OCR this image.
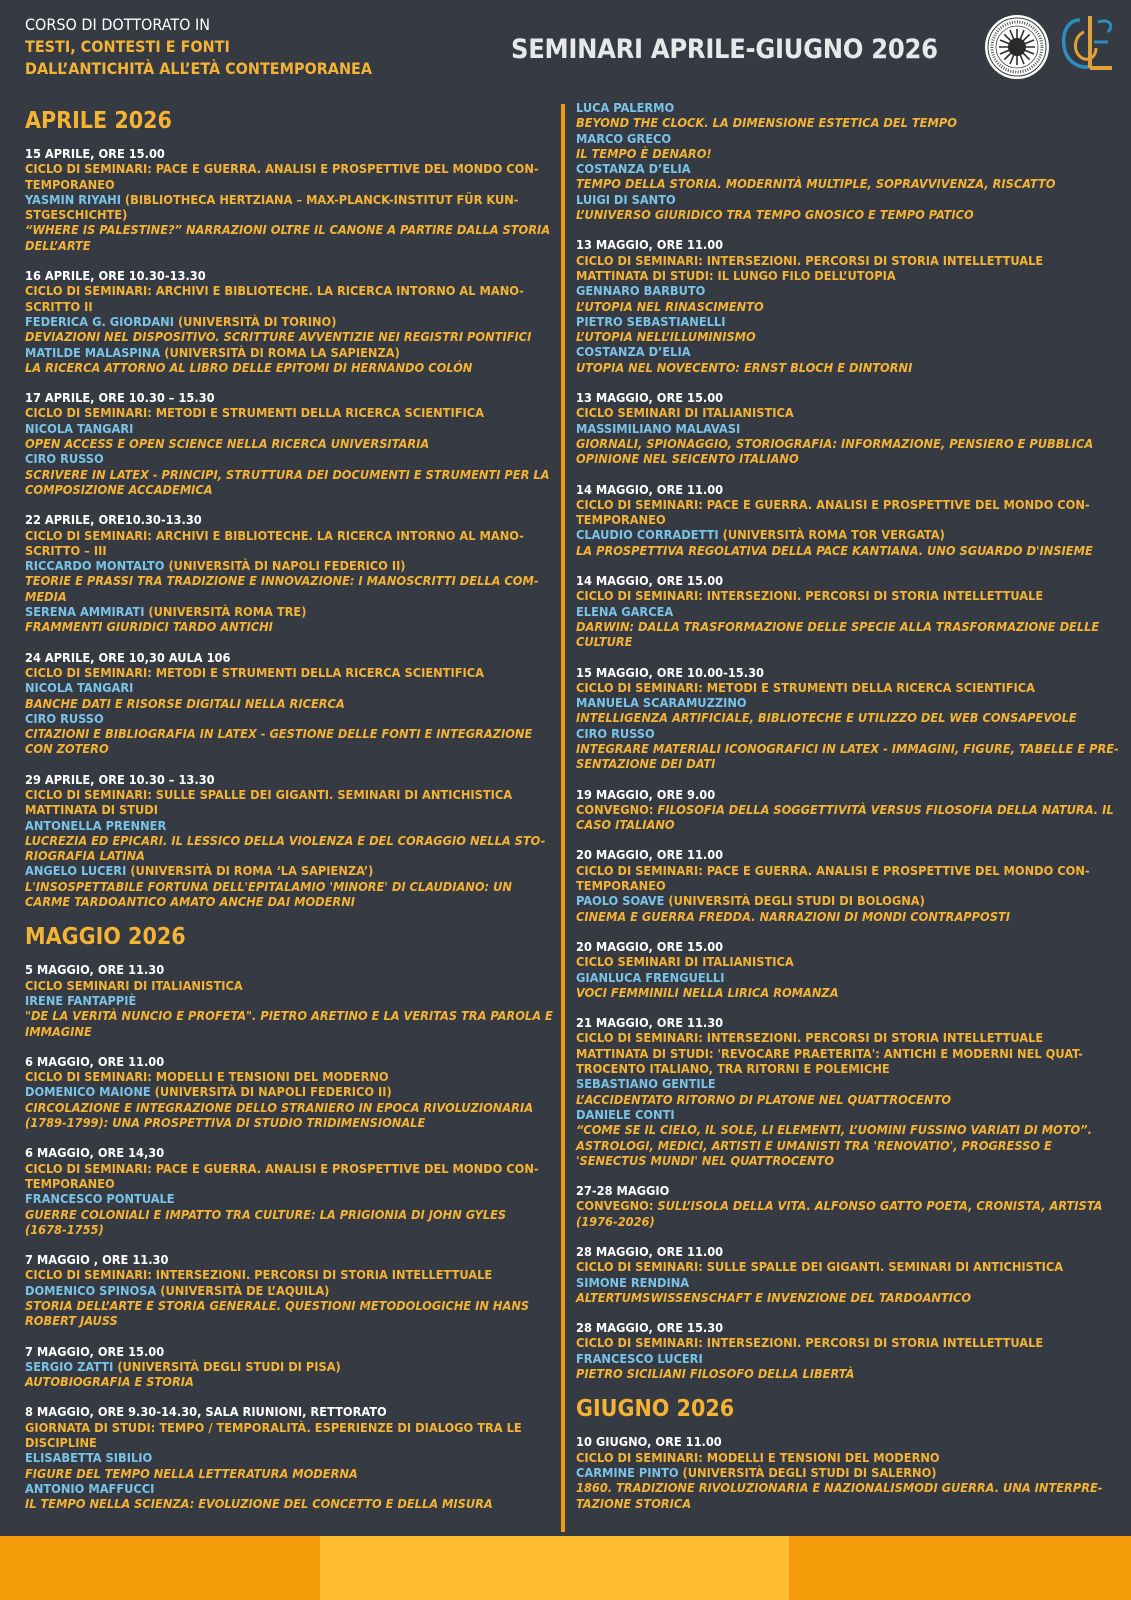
CORSO DI DOTTORATO IN
TESTI, CONTESTI E FONTI
DALL’ANTICHITÀ ALL’ETÀ CONTEMPORANEA
SEMINARI APRILE-GIUGNO 2026
APRILE 2026
15 APRILE, ORE 15.00
CICLO DI SEMINARI: PACE E GUERRA. ANALISI E PROSPETTIVE DEL MONDO CON-
TEMPORANEO
YASMIN RIYAHI (BIBLIOTHECA HERTZIANA – MAX-PLANCK-INSTITUT FÜR KUN-
STGESCHICHTE)
“WHERE IS PALESTINE?” NARRAZIONI OLTRE IL CANONE A PARTIRE DALLA STORIA
DELL’ARTE
16 APRILE, ORE 10.30-13.30
CICLO DI SEMINARI: ARCHIVI E BIBLIOTECHE. LA RICERCA INTORNO AL MANO-
SCRITTO II
FEDERICA G. GIORDANI (UNIVERSITÀ DI TORINO)
DEVIAZIONI NEL DISPOSITIVO. SCRITTURE AVVENTIZIE NEI REGISTRI PONTIFICI
MATILDE MALASPINA (UNIVERSITÀ DI ROMA LA SAPIENZA)
LA RICERCA ATTORNO AL LIBRO DELLE EPITOMI DI HERNANDO COLÓN
17 APRILE, ORE 10.30 – 15.30
CICLO DI SEMINARI: METODI E STRUMENTI DELLA RICERCA SCIENTIFICA
NICOLA TANGARI
OPEN ACCESS E OPEN SCIENCE NELLA RICERCA UNIVERSITARIA
CIRO RUSSO
SCRIVERE IN LATEX - PRINCIPI, STRUTTURA DEI DOCUMENTI E STRUMENTI PER LA
COMPOSIZIONE ACCADEMICA
22 APRILE, ORE10.30-13.30
CICLO DI SEMINARI: ARCHIVI E BIBLIOTECHE. LA RICERCA INTORNO AL MANO-
SCRITTO – III
RICCARDO MONTALTO (UNIVERSITÀ DI NAPOLI FEDERICO II)
TEORIE E PRASSI TRA TRADIZIONE E INNOVAZIONE: I MANOSCRITTI DELLA COM-
MEDIA
SERENA AMMIRATI (UNIVERSITÀ ROMA TRE)
FRAMMENTI GIURIDICI TARDO ANTICHI
24 APRILE, ORE 10,30 AULA 106
CICLO DI SEMINARI: METODI E STRUMENTI DELLA RICERCA SCIENTIFICA
NICOLA TANGARI
BANCHE DATI E RISORSE DIGITALI NELLA RICERCA
CIRO RUSSO
CITAZIONI E BIBLIOGRAFIA IN LATEX - GESTIONE DELLE FONTI E INTEGRAZIONE
CON ZOTERO
29 APRILE, ORE 10.30 – 13.30
CICLO DI SEMINARI: SULLE SPALLE DEI GIGANTI. SEMINARI DI ANTICHISTICA
MATTINATA DI STUDI
ANTONELLA PRENNER
LUCREZIA ED EPICARI. IL LESSICO DELLA VIOLENZA E DEL CORAGGIO NELLA STO-
RIOGRAFIA LATINA
ANGELO LUCERI (UNIVERSITÀ DI ROMA ‘LA SAPIENZA’)
L'INSOSPETTABILE FORTUNA DELL'EPITALAMIO 'MINORE' DI CLAUDIANO: UN
CARME TARDOANTICO AMATO ANCHE DAI MODERNI
MAGGIO 2026
5 MAGGIO, ORE 11.30
CICLO SEMINARI DI ITALIANISTICA
IRENE FANTAPPIÈ
"DE LA VERITÀ NUNCIO E PROFETA". PIETRO ARETINO E LA VERITAS TRA PAROLA E
IMMAGINE
6 MAGGIO, ORE 11.00
CICLO DI SEMINARI: MODELLI E TENSIONI DEL MODERNO
DOMENICO MAIONE (UNIVERSITÀ DI NAPOLI FEDERICO II)
CIRCOLAZIONE E INTEGRAZIONE DELLO STRANIERO IN EPOCA RIVOLUZIONARIA
(1789-1799): UNA PROSPETTIVA DI STUDIO TRIDIMENSIONALE
6 MAGGIO, ORE 14,30
CICLO DI SEMINARI: PACE E GUERRA. ANALISI E PROSPETTIVE DEL MONDO CON-
TEMPORANEO
FRANCESCO PONTUALE
GUERRE COLONIALI E IMPATTO TRA CULTURE: LA PRIGIONIA DI JOHN GYLES
(1678-1755)
7 MAGGIO , ORE 11.30
CICLO DI SEMINARI: INTERSEZIONI. PERCORSI DI STORIA INTELLETTUALE
DOMENICO SPINOSA (UNIVERSITÀ DE L’AQUILA)
STORIA DELL’ARTE E STORIA GENERALE. QUESTIONI METODOLOGICHE IN HANS
ROBERT JAUSS
7 MAGGIO, ORE 15.00
SERGIO ZATTI (UNIVERSITÀ DEGLI STUDI DI PISA)
AUTOBIOGRAFIA E STORIA
8 MAGGIO, ORE 9.30-14.30, SALA RIUNIONI, RETTORATO
GIORNATA DI STUDI: TEMPO / TEMPORALITÀ. ESPERIENZE DI DIALOGO TRA LE
DISCIPLINE
ELISABETTA SIBILIO
FIGURE DEL TEMPO NELLA LETTERATURA MODERNA
ANTONIO MAFFUCCI
IL TEMPO NELLA SCIENZA: EVOLUZIONE DEL CONCETTO E DELLA MISURA
LUCA PALERMO
BEYOND THE CLOCK. LA DIMENSIONE ESTETICA DEL TEMPO
MARCO GRECO
IL TEMPO È DENARO!
COSTANZA D’ELIA
TEMPO DELLA STORIA. MODERNITÀ MULTIPLE, SOPRAVVIVENZA, RISCATTO
LUIGI DI SANTO
L’UNIVERSO GIURIDICO TRA TEMPO GNOSICO E TEMPO PATICO
13 MAGGIO, ORE 11.00
CICLO DI SEMINARI: INTERSEZIONI. PERCORSI DI STORIA INTELLETTUALE
MATTINATA DI STUDI: IL LUNGO FILO DELL’UTOPIA
GENNARO BARBUTO
L’UTOPIA NEL RINASCIMENTO
PIETRO SEBASTIANELLI
L’UTOPIA NELL’ILLUMINISMO
COSTANZA D’ELIA
UTOPIA NEL NOVECENTO: ERNST BLOCH E DINTORNI
13 MAGGIO, ORE 15.00
CICLO SEMINARI DI ITALIANISTICA
MASSIMILIANO MALAVASI
GIORNALI, SPIONAGGIO, STORIOGRAFIA: INFORMAZIONE, PENSIERO E PUBBLICA
OPINIONE NEL SEICENTO ITALIANO
14 MAGGIO, ORE 11.00
CICLO DI SEMINARI: PACE E GUERRA. ANALISI E PROSPETTIVE DEL MONDO CON-
TEMPORANEO
CLAUDIO CORRADETTI (UNIVERSITÀ ROMA TOR VERGATA)
LA PROSPETTIVA REGOLATIVA DELLA PACE KANTIANA. UNO SGUARDO D'INSIEME
14 MAGGIO, ORE 15.00
CICLO DI SEMINARI: INTERSEZIONI. PERCORSI DI STORIA INTELLETTUALE
ELENA GARCEA
DARWIN: DALLA TRASFORMAZIONE DELLE SPECIE ALLA TRASFORMAZIONE DELLE
CULTURE
15 MAGGIO, ORE 10.00-15.30
CICLO DI SEMINARI: METODI E STRUMENTI DELLA RICERCA SCIENTIFICA
MANUELA SCARAMUZZINO
INTELLIGENZA ARTIFICIALE, BIBLIOTECHE E UTILIZZO DEL WEB CONSAPEVOLE
CIRO RUSSO
INTEGRARE MATERIALI ICONOGRAFICI IN LATEX - IMMAGINI, FIGURE, TABELLE E PRE-
SENTAZIONE DEI DATI
19 MAGGIO, ORE 9.00
CONVEGNO: FILOSOFIA DELLA SOGGETTIVITÀ VERSUS FILOSOFIA DELLA NATURA. IL
CASO ITALIANO
20 MAGGIO, ORE 11.00
CICLO DI SEMINARI: PACE E GUERRA. ANALISI E PROSPETTIVE DEL MONDO CON-
TEMPORANEO
PAOLO SOAVE (UNIVERSITÀ DEGLI STUDI DI BOLOGNA)
CINEMA E GUERRA FREDDA. NARRAZIONI DI MONDI CONTRAPPOSTI
20 MAGGIO, ORE 15.00
CICLO SEMINARI DI ITALIANISTICA
GIANLUCA FRENGUELLI
VOCI FEMMINILI NELLA LIRICA ROMANZA
21 MAGGIO, ORE 11.30
CICLO DI SEMINARI: INTERSEZIONI. PERCORSI DI STORIA INTELLETTUALE
MATTINATA DI STUDI: 'REVOCARE PRAETERITA': ANTICHI E MODERNI NEL QUAT-
TROCENTO ITALIANO, TRA RITORNI E POLEMICHE
SEBASTIANO GENTILE
L’ACCIDENTATO RITORNO DI PLATONE NEL QUATTROCENTO
DANIELE CONTI
“COME SE IL CIELO, IL SOLE, LI ELEMENTI, L’UOMINI FUSSINO VARIATI DI MOTO”.
ASTROLOGI, MEDICI, ARTISTI E UMANISTI TRA 'RENOVATIO', PROGRESSO E
'SENECTUS MUNDI' NEL QUATTROCENTO
27-28 MAGGIO
CONVEGNO: SULL’ISOLA DELLA VITA. ALFONSO GATTO POETA, CRONISTA, ARTISTA
(1976-2026)
28 MAGGIO, ORE 11.00
CICLO DI SEMINARI: SULLE SPALLE DEI GIGANTI. SEMINARI DI ANTICHISTICA
SIMONE RENDINA
ALTERTUMSWISSENSCHAFT E INVENZIONE DEL TARDOANTICO
28 MAGGIO, ORE 15.30
CICLO DI SEMINARI: INTERSEZIONI. PERCORSI DI STORIA INTELLETTUALE
FRANCESCO LUCERI
PIETRO SICILIANI FILOSOFO DELLA LIBERTÀ
GIUGNO 2026
10 GIUGNO, ORE 11.00
CICLO DI SEMINARI: MODELLI E TENSIONI DEL MODERNO
CARMINE PINTO (UNIVERSITÀ DEGLI STUDI DI SALERNO)
1860. TRADIZIONE RIVOLUZIONARIA E NAZIONALISMODI GUERRA. UNA INTERPRE-
TAZIONE STORICA
